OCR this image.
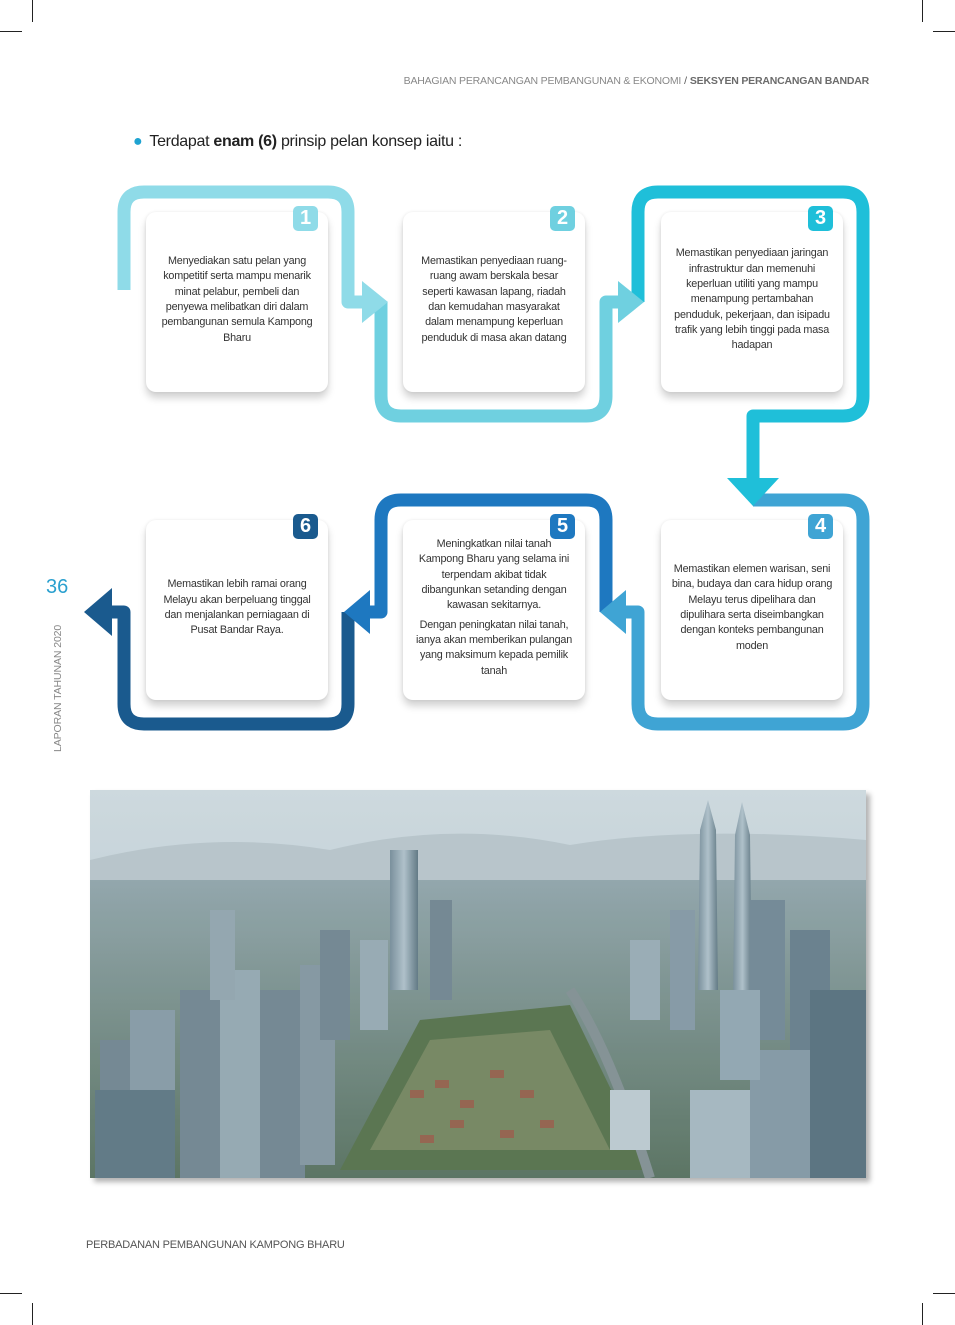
BAHAGIAN PERANCANGAN PEMBANGUNAN & EKONOMI / SEKSYEN PERANCANGAN BANDAR
● Terdapat enam (6) prinsip pelan konsep iaitu :

Menyediakan satu pelan yang kompetitif serta mampu menarik minat pelabur, pembeli dan penyewa melibatkan diri dalam pembangunan semula Kampong Bharu

1

Memastikan penyediaan ruang-ruang awam berskala besar seperti kawasan lapang, riadah dan kemudahan masyarakat dalam menampung keperluan penduduk di masa akan datang

2

Memastikan penyediaan jaringan infrastruktur dan memenuhi keperluan utiliti yang mampu menampung pertambahan penduduk, pekerjaan, dan isipadu trafik yang lebih tinggi pada masa hadapan

3

Memastikan elemen warisan, seni bina, budaya dan cara hidup orang Melayu terus dipelihara dan dipulihara serta diseimbangkan dengan konteks pembangunan moden

4

Meningkatkan nilai tanah Kampong Bharu yang selama ini terpendam akibat tidak dibangunkan setanding dengan kawasan sekitarnya.

Dengan peningkatan nilai tanah, ianya akan memberikan pulangan yang maksimum kepada pemilik tanah

5

Memastikan lebih ramai orang Melayu akan berpeluang tinggal dan menjalankan perniagaan di Pusat Bandar Raya.

6
36
LAPORAN TAHUNAN 2020
PERBADANAN PEMBANGUNAN KAMPONG BHARU
